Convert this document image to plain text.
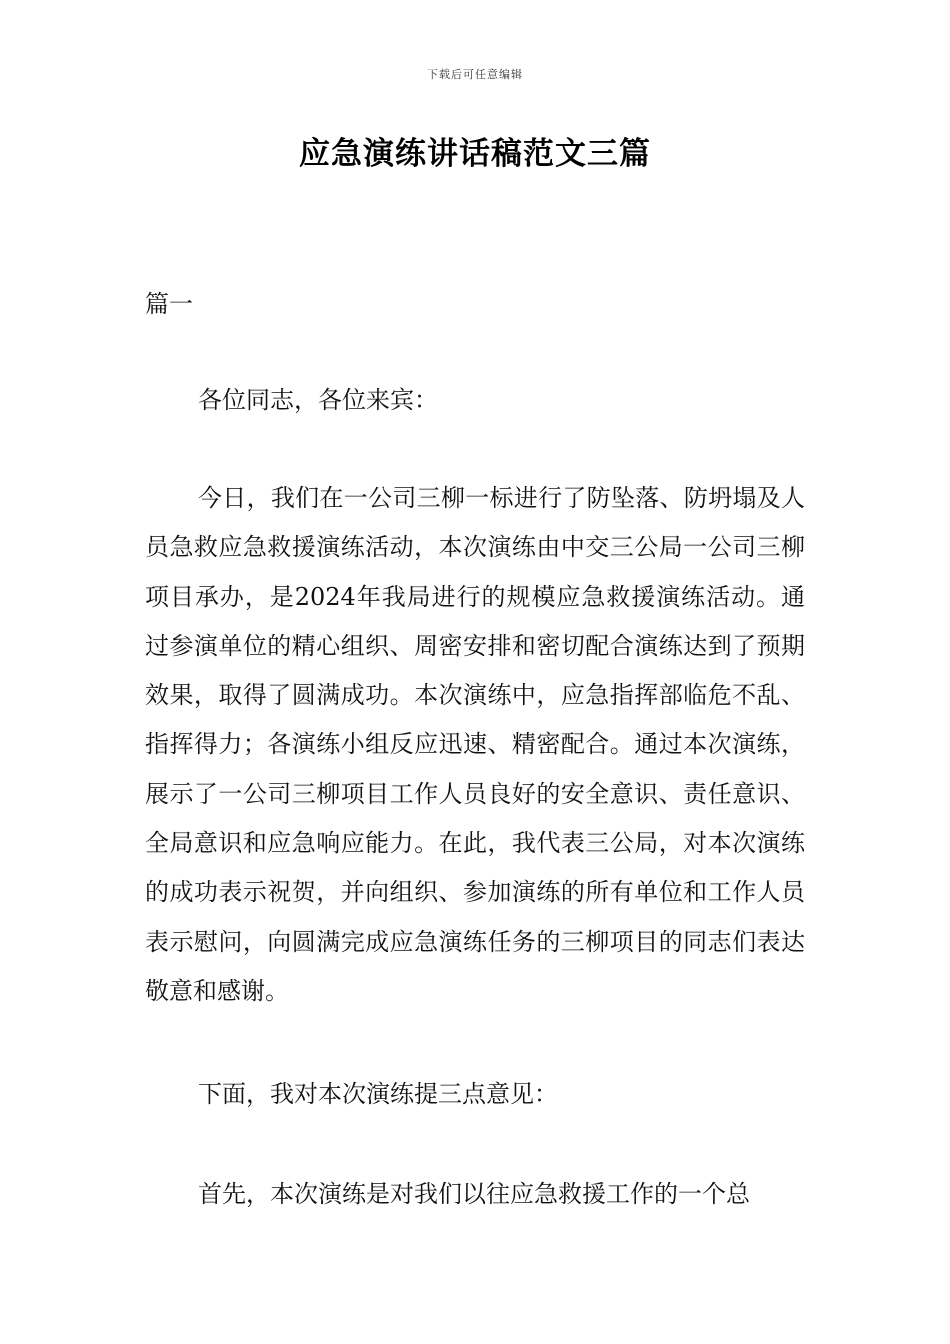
下载后可任意编辑
应急演练讲话稿范文三篇
篇一
各位同志，各位来宾：
今日，我们在一公司三柳一标进行了防坠落、防坍塌及人员急救应急救援演练活动，本次演练由中交三公局一公司三柳项目承办，是2024年我局进行的规模应急救援演练活动。通过参演单位的精心组织、周密安排和密切配合演练达到了预期效果，取得了圆满成功。本次演练中，应急指挥部临危不乱、指挥得力；各演练小组反应迅速、精密配合。通过本次演练，展示了一公司三柳项目工作人员良好的安全意识、责任意识、全局意识和应急响应能力。在此，我代表三公局，对本次演练的成功表示祝贺，并向组织、参加演练的所有单位和工作人员表示慰问，向圆满完成应急演练任务的三柳项目的同志们表达敬意和感谢。
下面，我对本次演练提三点意见：
首先，本次演练是对我们以往应急救援工作的一个总
